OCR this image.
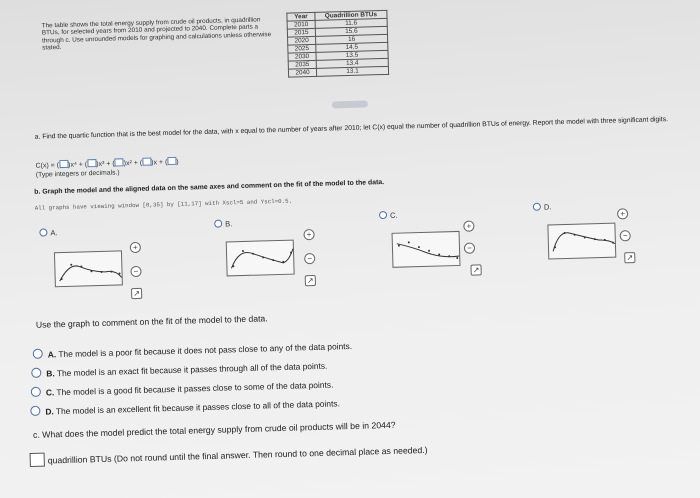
The table shows the total energy supply from crude oil products, in quadrillion BTUs, for selected years from 2010 and projected to 2040. Complete parts a through c. Use unrounded models for graphing and calculations unless otherwise stated.
Year	Quadrillion BTUs
2010	11.6
2015	15.6
2020	16
2025	14.5
2030	13.5
2035	13.4
2040	13.1
a. Find the quartic function that is the best model for the data, with x equal to the number of years after 2010; let C(x) equal the number of quadrillion BTUs of energy. Report the model with three significant digits.
C(x) = ( )x⁴ + ( )x³ + ( )x² + ( )x + ( )
(Type integers or decimals.)
b. Graph the model and the aligned data on the same axes and comment on the fit of the model to the data.
All graphs have viewing window [0,35] by [11,17] with Xscl=5 and Yscl=0.5.
A.
+
−
↗
B.
+
−
↗
C.
+
−
↗
D.
+
−
↗
Use the graph to comment on the fit of the model to the data.
A. The model is a poor fit because it does not pass close to any of the data points.
B. The model is an exact fit because it passes through all of the data points.
C. The model is a good fit because it passes close to some of the data points.
D. The model is an excellent fit because it passes close to all of the data points.
c. What does the model predict the total energy supply from crude oil products will be in 2044?
quadrillion BTUs (Do not round until the final answer. Then round to one decimal place as needed.)
